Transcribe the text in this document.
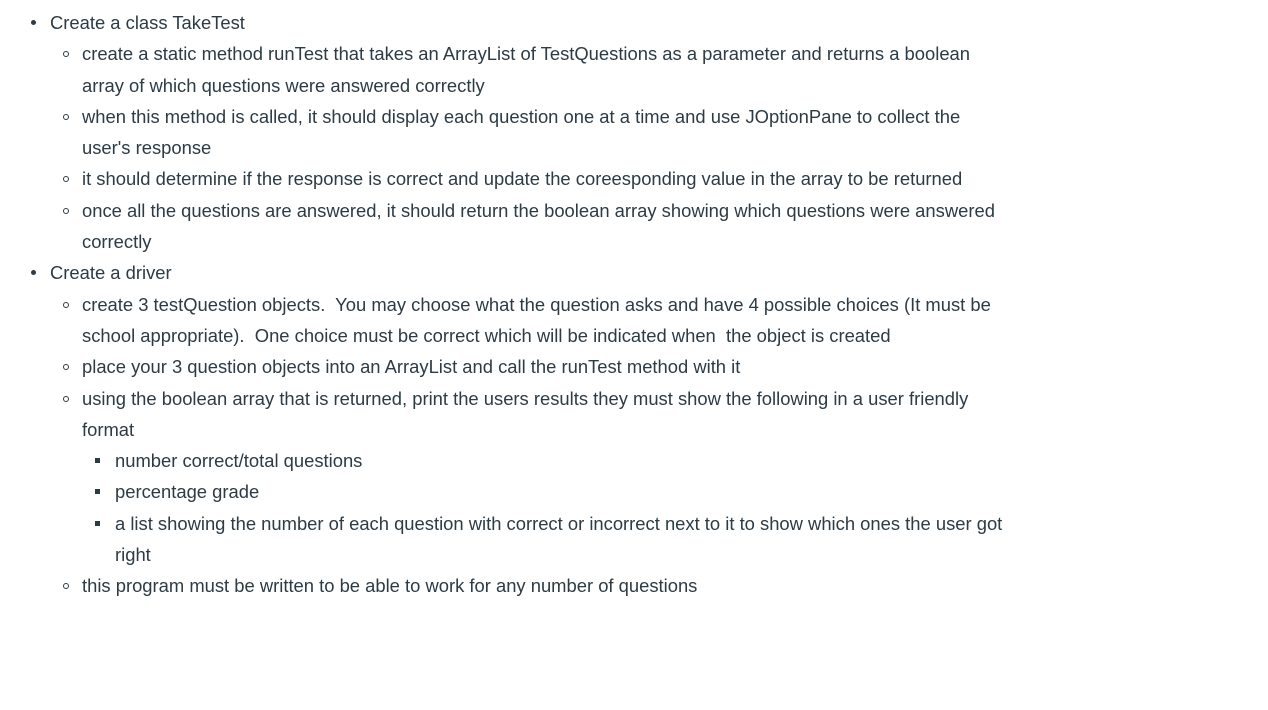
Create a class TakeTest
create a static method runTest that takes an ArrayList of TestQuestions as a parameter and returns a boolean array of which questions were answered correctly
when this method is called, it should display each question one at a time and use JOptionPane to collect the user's response
it should determine if the response is correct and update the coreesponding value in the array to be returned
once all the questions are answered, it should return the boolean array showing which questions were answered correctly
Create a driver
create 3 testQuestion objects.  You may choose what the question asks and have 4 possible choices (It must be school appropriate).  One choice must be correct which will be indicated when  the object is created
place your 3 question objects into an ArrayList and call the runTest method with it
using the boolean array that is returned, print the users results they must show the following in a user friendly format
number correct/total questions
percentage grade
a list showing the number of each question with correct or incorrect next to it to show which ones the user got right
this program must be written to be able to work for any number of questions
